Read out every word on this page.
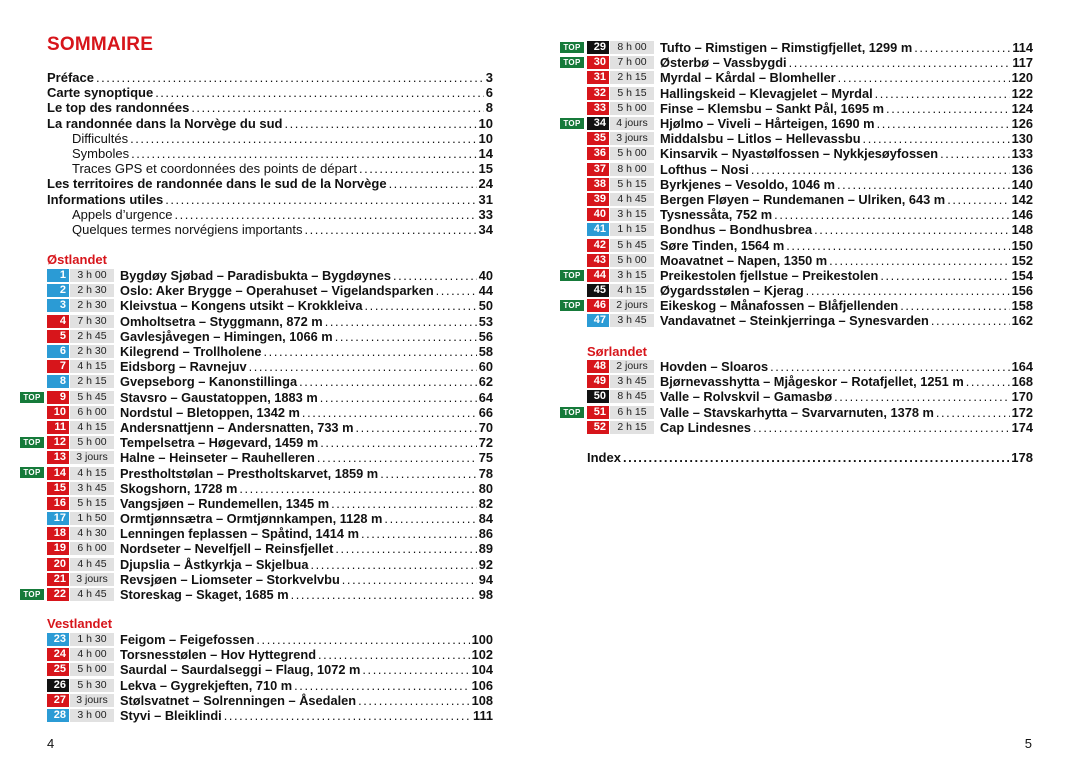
SOMMAIRE
Préface .....	3
Carte synoptique .....	6
Le top des randonnées .....	8
La randonnée dans la Norvège du sud .....	10
Difficultés .....	10
Symboles .....	14
Traces GPS et coordonnées des points de départ .....	15
Les territoires de randonnée dans le sud de la Norvège .....	24
Informations utiles .....	31
Appels d’urgence .....	33
Quelques termes norvégiens importants .....	34
Østlandet
1	3 h 00	Bygdøy Sjøbad – Paradisbukta – Bygdøynes .....	40
2	2 h 30	Oslo: Aker Brygge – Operahuset – Vigelandsparken .....	44
3	2 h 30	Kleivstua – Kongens utsikt – Krokkleiva .....	50
4	7 h 30	Omholtsetra – Styggmann, 872 m .....	53
5	2 h 45	Gavlesjåvegen – Himingen, 1066 m .....	56
6	2 h 30	Kilegrend – Trollholene .....	58
7	4 h 15	Eidsborg – Ravnejuv .....	60
8	2 h 15	Gvepseborg – Kanonstillinga .....	62
TOP	9	5 h 45	Stavsro – Gaustatoppen, 1883 m .....	64
10	6 h 00	Nordstul – Bletoppen, 1342 m .....	66
11	4 h 15	Andersnattjenn – Andersnatten, 733 m .....	70
TOP	12	5 h 00	Tempelsetra – Høgevard, 1459 m .....	72
13 3 jours Halne – Heinseter – Rauhelleren .....	75
TOP	14	4 h 15	Prestholtstølan – Prestholtskarvet, 1859 m .....	78
15	3 h 45	Skogshorn, 1728 m .....	80
16	5 h 15	Vangsjøen – Rundemellen, 1345 m .....	82
17	1 h 50	Ormtjønnsætra – Ormtjønnkampen, 1128 m .....	84
18	4 h 30	Lenningen feplassen – Spåtind, 1414 m .....	86
19	6 h 00	Nordseter – Nevelfjell – Reinsfjellet .....	89
20	4 h 45	Djupslia – Åstkyrkja – Skjelbua .....	92
21 3 jours Revsjøen – Liomseter – Storkvelvbu .....	94
TOP	22	4 h 45	Storeskag – Skaget, 1685 m .....	98
Vestlandet
23	1 h 30	Feigom – Feigefossen .....	100
24	4 h 00	Torsnesstølen – Hov Hyttegrend .....	102
25	5 h 00	Saurdal – Saurdalseggi – Flaug, 1072 m .....	104
26	5 h 30	Lekva – Gygrekjeften, 710 m .....	106
27 3 jours Stølsvatnet – Solrenningen – Åsedalen .....	108
28	3 h 00	Styvi – Bleiklindi .....	111
4
TOP	29	8 h 00	Tufto – Rimstigen – Rimstigfjellet, 1299 m .....	114
TOP	30	7 h 00	Østerbø – Vassbygdi .....	117
31	2 h 15	Myrdal – Kårdal – Blomheller .....	120
32	5 h 15	Hallingskeid – Klevagjelet – Myrdal .....	122
33	5 h 00	Finse – Klemsbu – Sankt Pål, 1695 m .....	124
TOP	34 4 jours Hjølmo – Viveli – Hårteigen, 1690 m .....	126
35 3 jours Middalsbu – Litlos – Hellevassbu .....	130
36	5 h 00	Kinsarvik – Nyastølfossen – Nykkjesøyfossen .....	133
37	8 h 00	Lofthus – Nosi .....	136
38	5 h 15	Byrkjenes – Vesoldo, 1046 m .....	140
39	4 h 45	Bergen Fløyen – Rundemanen – Ulriken, 643 m .....	142
40	3 h 15	Tysnessåta, 752 m .....	146
41	1 h 15	Bondhus – Bondhusbrea .....	148
42	5 h 45	Søre Tinden, 1564 m .....	150
43	5 h 00	Moavatnet – Napen, 1350 m .....	152
TOP	44	3 h 15	Preikestolen fjellstue – Preikestolen .....	154
45	4 h 15	Øygardsstølen – Kjerag .....	156
TOP	46 2 jours Eikeskog – Månafossen – Blåfjellenden .....	158
47	3 h 45	Vandavatnet – Steinkjerringa – Synesvarden .....	162
Sørlandet
48 2 jours Hovden – Sloaros .....	164
49	3 h 45	Bjørnevasshytta – Mjågeskor – Rotafjellet, 1251 m .....	168
50	8 h 45	Valle – Rolvskvil – Gamasbø .....	170
TOP	51	6 h 15	Valle – Stavskarhytta – Svarvarnuten, 1378 m .....	172
52	2 h 15	Cap Lindesnes .....	174
Index .....	178
5
